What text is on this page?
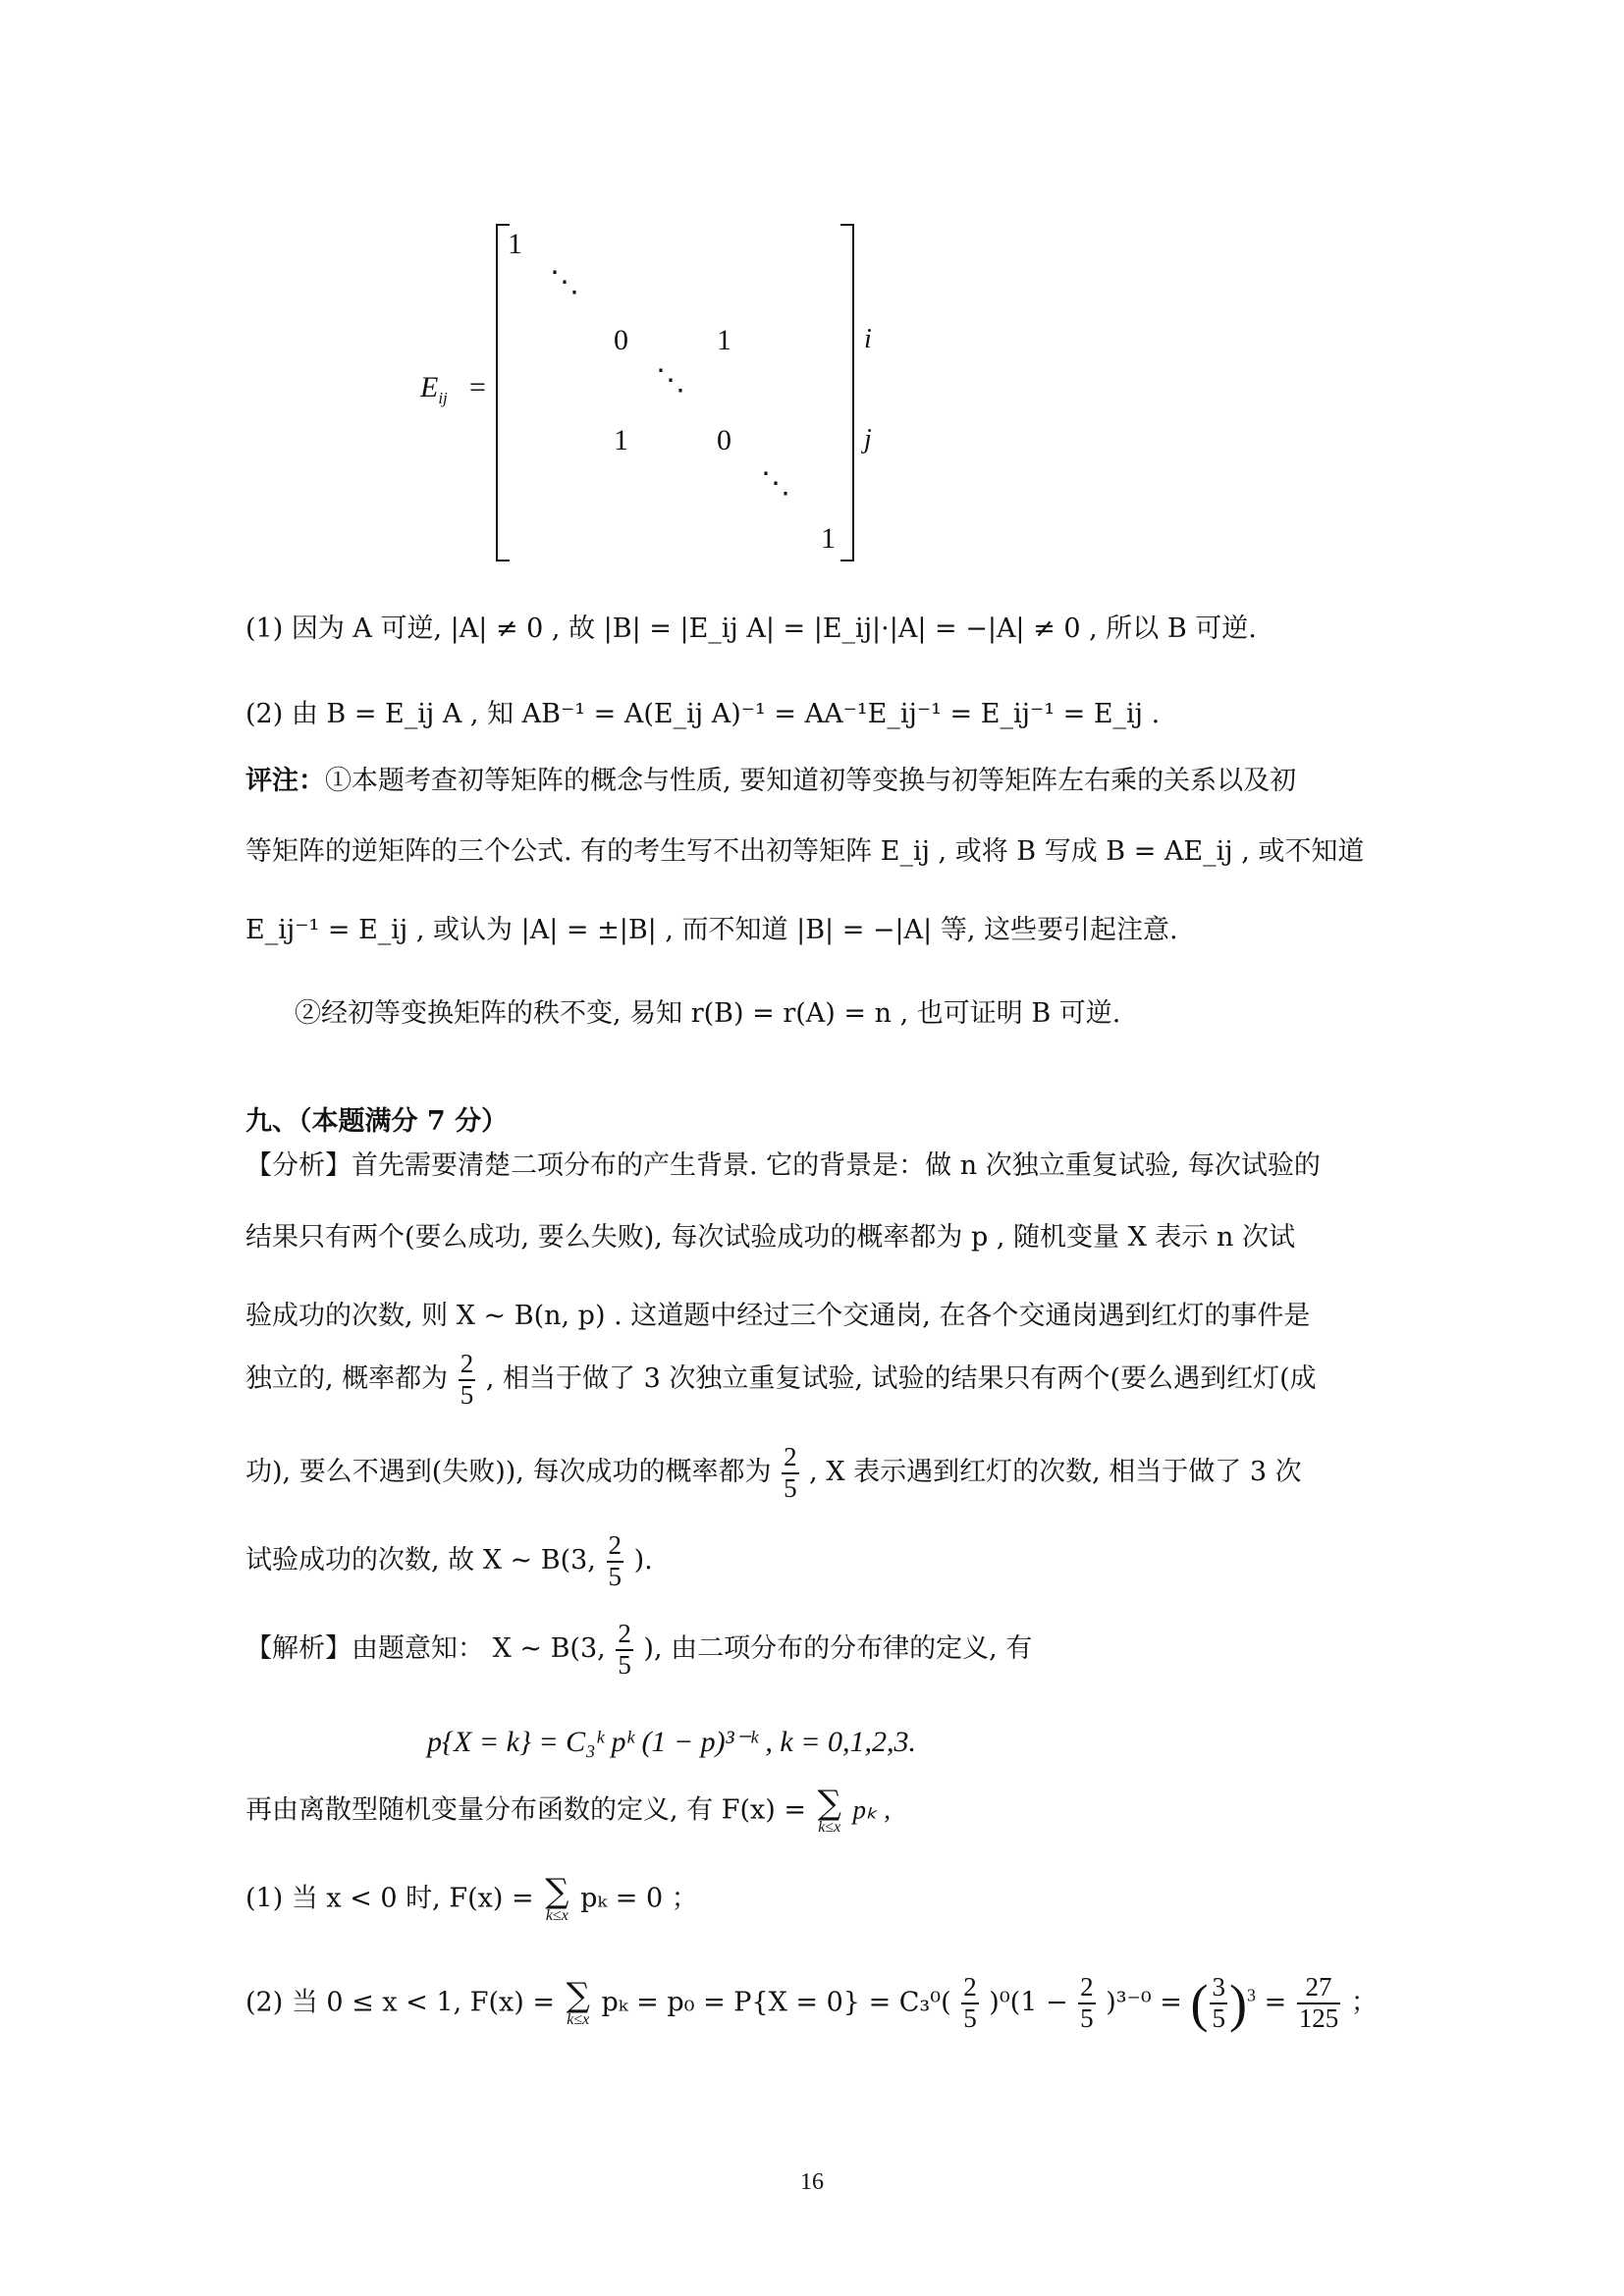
$E_{ij}$ =
1
⋱
0	1
⋱
1	0
⋱
1
i
j
(1) 因为 A 可逆, |A| ≠ 0 , 故 |B| = |E_ij A| = |E_ij|·|A| = −|A| ≠ 0 , 所以 B 可逆.
(2) 由 B = E_ij A , 知 AB⁻¹ = A(E_ij A)⁻¹ = AA⁻¹E_ij⁻¹ = E_ij⁻¹ = E_ij .
评注：①本题考查初等矩阵的概念与性质, 要知道初等变换与初等矩阵左右乘的关系以及初
等矩阵的逆矩阵的三个公式. 有的考生写不出初等矩阵 E_ij , 或将 B 写成 B = AE_ij , 或不知道
E_ij⁻¹ = E_ij , 或认为 |A| = ±|B| , 而不知道 |B| = −|A| 等, 这些要引起注意.
②经初等变换矩阵的秩不变, 易知 r(B) = r(A) = n , 也可证明 B 可逆.
九、（本题满分 7 分）
【分析】首先需要清楚二项分布的产生背景. 它的背景是：做 n 次独立重复试验, 每次试验的
结果只有两个(要么成功, 要么失败), 每次试验成功的概率都为 p , 随机变量 X 表示 n 次试
验成功的次数, 则 X ~ B(n, p) . 这道题中经过三个交通岗, 在各个交通岗遇到红灯的事件是
独立的, 概率都为 $\frac{2}{5}$ , 相当于做了 3 次独立重复试验, 试验的结果只有两个(要么遇到红灯(成
功), 要么不遇到(失败)), 每次成功的概率都为 $\frac{2}{5}$ , X 表示遇到红灯的次数, 相当于做了 3 次
试验成功的次数, 故 X ~ B(3, $\frac{2}{5}$ ).
【解析】由题意知： X ~ B(3, $\frac{2}{5}$ ), 由二项分布的分布律的定义, 有
p{X = k} = C₃ᵏ pᵏ (1 − p)³⁻ᵏ , k = 0,1,2,3.
再由离散型随机变量分布函数的定义, 有 F(x) = ∑
k≤x
pₖ ,
(1) 当 x < 0 时, F(x) = ∑
k≤x
pₖ = 0 ；
(2) 当 0 ≤ x < 1, F(x) = ∑
k≤x
$p_k = p_0 = P\{X = 0\} = C_3^0( \frac{2}{5} )^0(1 - \frac{2}{5} )^{3-0}$ = ( $\frac{3}{5} )^3 = \frac{27}{125}$ ；
16
